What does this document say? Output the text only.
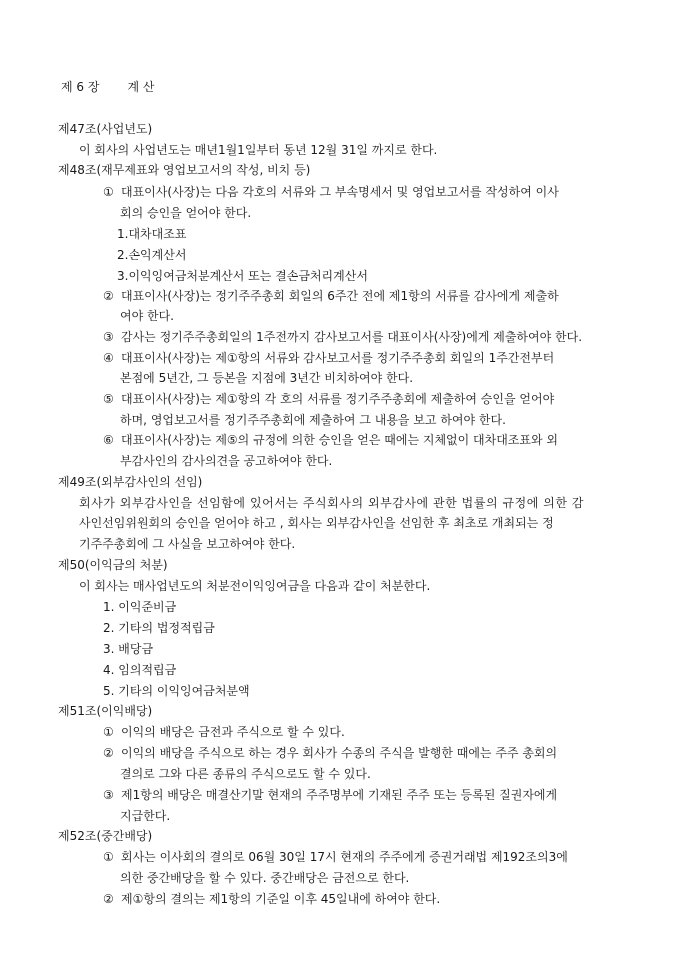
제 6 장 계 산
제47조(사업년도)
이 회사의 사업년도는 매년1월1일부터 동년 12월 31일 까지로 한다.
제48조(재무제표와 영업보고서의 작성, 비치 등)
① 대표이사(사장)는 다음 각호의 서류와 그 부속명세서 및 영업보고서를 작성하여 이사
회의 승인을 얻어야 한다.
1.대차대조표
2.손익계산서
3.이익잉여금처분계산서 또는 결손금처리계산서
② 대표이사(사장)는 정기주주총회 회일의 6주간 전에 제1항의 서류를 감사에게 제출하
여야 한다.
③ 감사는 정기주주총회일의 1주전까지 감사보고서를 대표이사(사장)에게 제출하여야 한다.
④ 대표이사(사장)는 제①항의 서류와 감사보고서를 정기주주총회 회일의 1주간전부터
본점에 5년간, 그 등본을 지점에 3년간 비치하여야 한다.
⑤ 대표이사(사장)는 제①항의 각 호의 서류를 정기주주총회에 제출하여 승인을 얻어야
하며, 영업보고서를 정기주주총회에 제출하여 그 내용을 보고 하여야 한다.
⑥ 대표이사(사장)는 제⑤의 규정에 의한 승인을 얻은 때에는 지체없이 대차대조표와 외
부감사인의 감사의견을 공고하여야 한다.
제49조(외부감사인의 선임)
회사가 외부감사인을 선임함에 있어서는 주식회사의 외부감사에 관한 법률의 규정에 의한 감
사인선임위원회의 승인을 얻어야 하고 , 회사는 외부감사인을 선임한 후 최초로 개최되는 정
기주주총회에 그 사실을 보고하여야 한다.
제50(이익금의 처분)
이 회사는 매사업년도의 처분전이익잉여금을 다음과 같이 처분한다.
1. 이익준비금
2. 기타의 법정적립금
3. 배당금
4. 임의적립금
5. 기타의 이익잉여금처분액
제51조(이익배당)
① 이익의 배당은 금전과 주식으로 할 수 있다.
② 이익의 배당을 주식으로 하는 경우 회사가 수종의 주식을 발행한 때에는 주주 총회의
결의로 그와 다른 종류의 주식으로도 할 수 있다.
③ 제1항의 배당은 매결산기말 현재의 주주명부에 기재된 주주 또는 등록된 질권자에게
지급한다.
제52조(중간배당)
① 회사는 이사회의 결의로 06월 30일 17시 현재의 주주에게 증권거래법 제192조의3에
의한 중간배당을 할 수 있다. 중간배당은 금전으로 한다.
② 제①항의 결의는 제1항의 기준일 이후 45일내에 하여야 한다.
